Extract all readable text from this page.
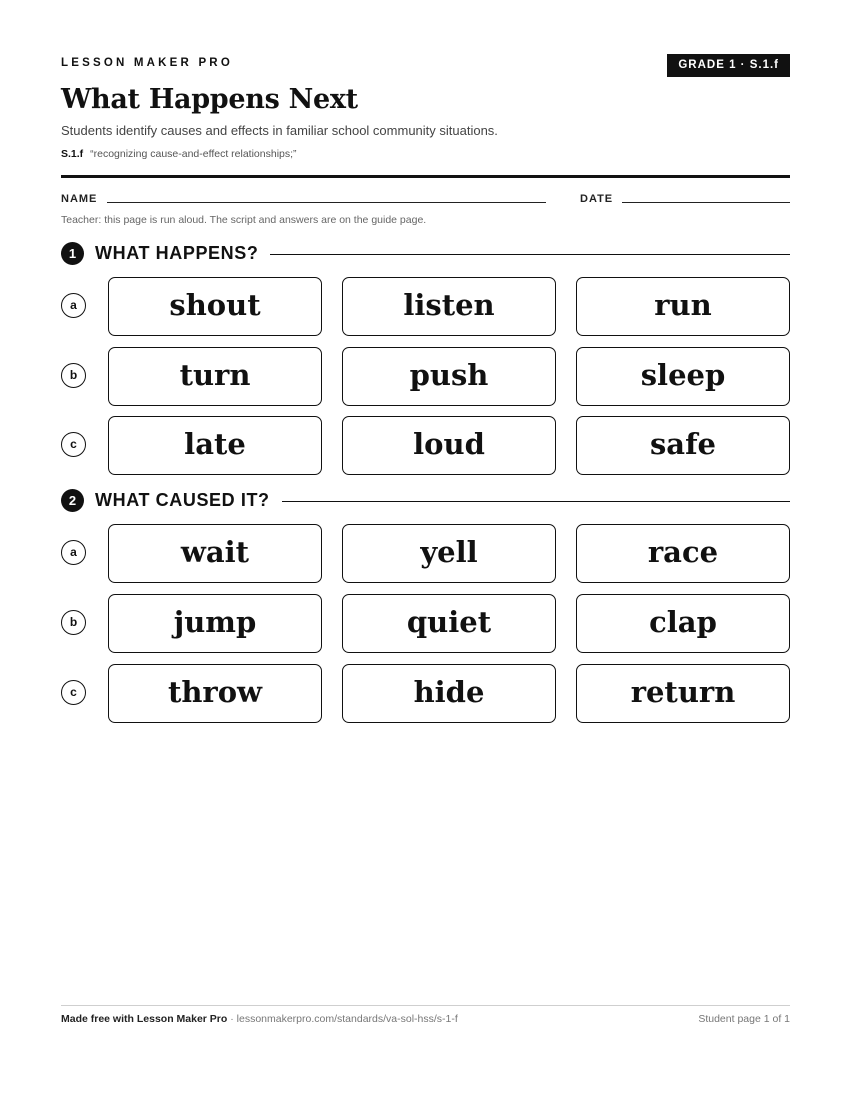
LESSON MAKER PRO	GRADE 1 · S.1.f
What Happens Next
Students identify causes and effects in familiar school community situations.
S.1.f “recognizing cause-and-effect relationships;”
NAME	DATE
Teacher: this page is run aloud. The script and answers are on the guide page.
1	WHAT HAPPENS?
a	shout	listen	run
b	turn	push	sleep
c	late	loud	safe
2	WHAT CAUSED IT?
a	wait	yell	race
b	jump	quiet	clap
c	throw	hide	return
Made free with Lesson Maker Pro · lessonmakerpro.com/standards/va-sol-hss/s-1-f	Student page 1 of 1
